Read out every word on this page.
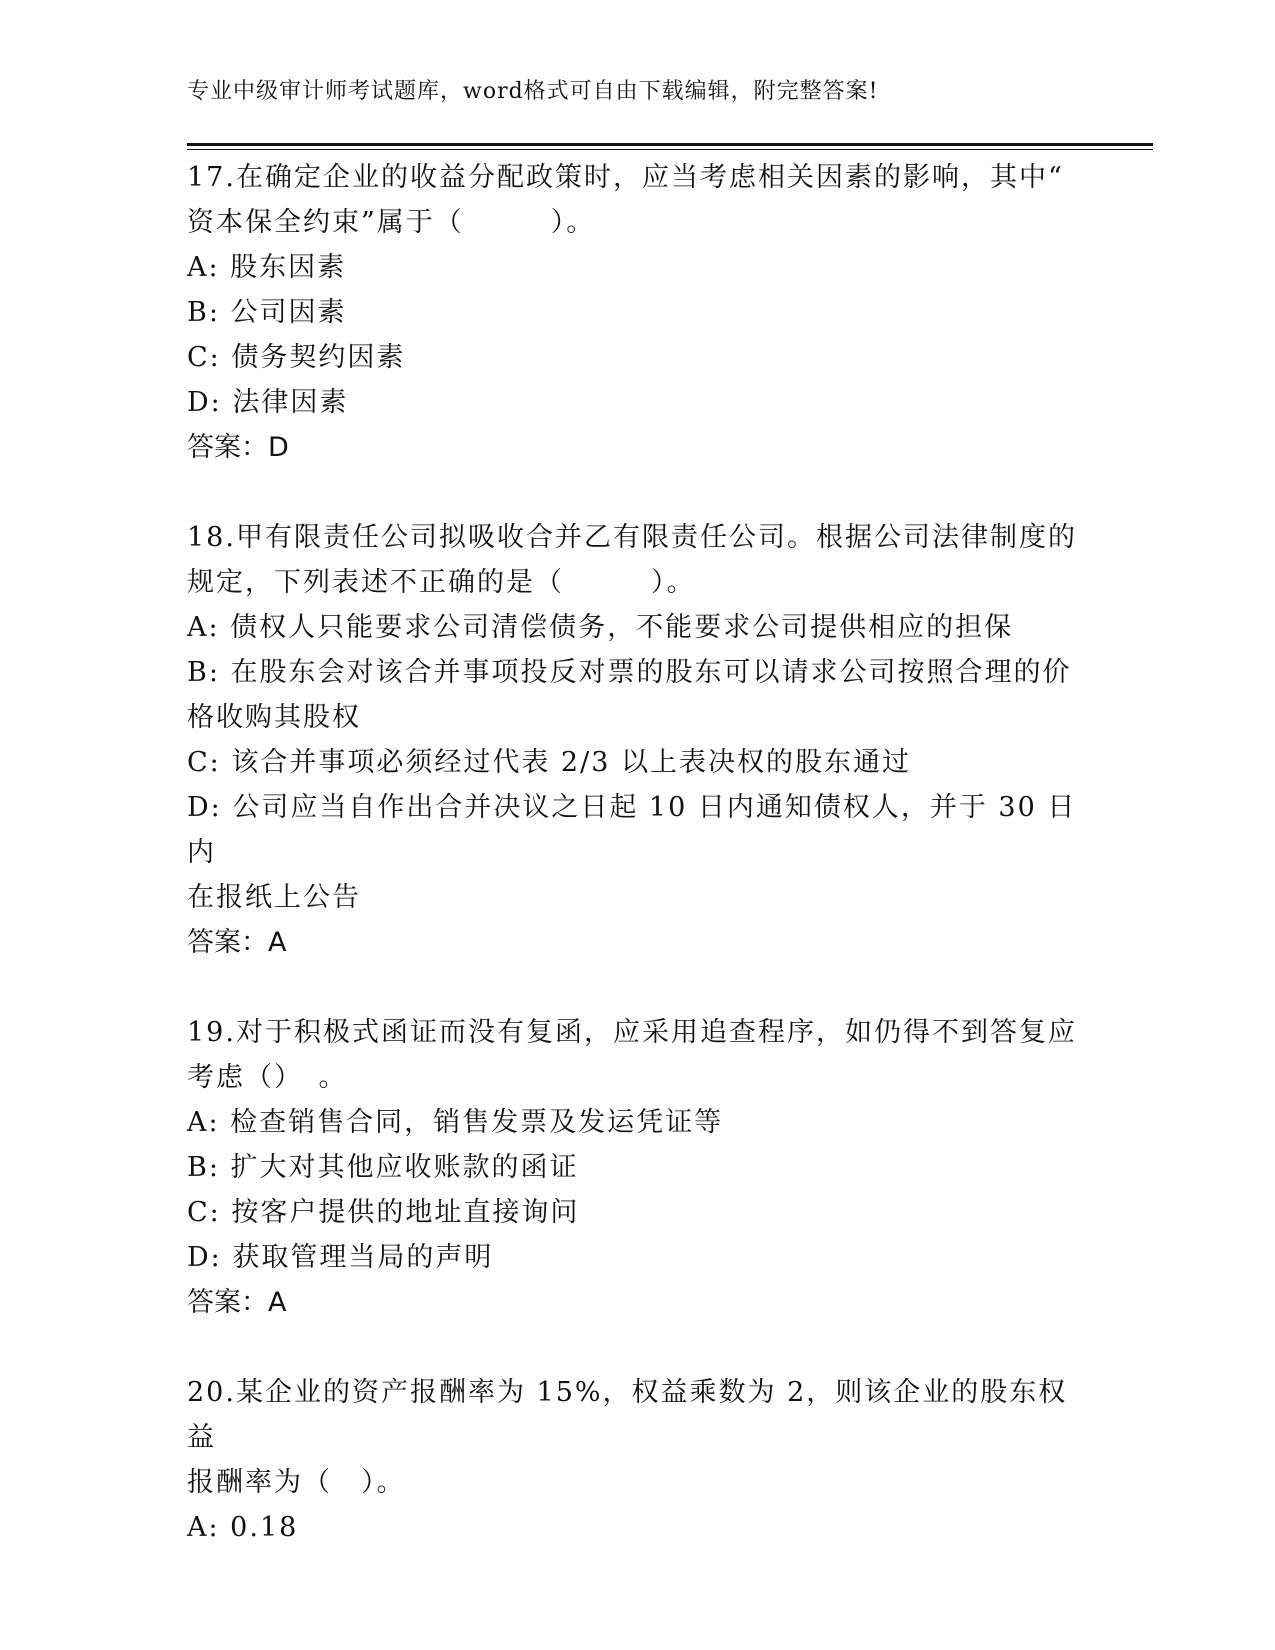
专业中级审计师考试题库，word格式可自由下载编辑，附完整答案!

17.在确定企业的收益分配政策时，应当考虑相关因素的影响，其中“

资本保全约束”属于（　　　）。

A: 股东因素

B: 公司因素

C: 债务契约因素

D: 法律因素

答案：D

18.甲有限责任公司拟吸收合并乙有限责任公司。根据公司法律制度的

规定，下列表述不正确的是（　　　）。

A: 债权人只能要求公司清偿债务，不能要求公司提供相应的担保

B: 在股东会对该合并事项投反对票的股东可以请求公司按照合理的价

格收购其股权

C: 该合并事项必须经过代表 2/3 以上表决权的股东通过

D: 公司应当自作出合并决议之日起 10 日内通知债权人，并于 30 日内

在报纸上公告

答案：A

19.对于积极式函证而没有复函，应采用追查程序，如仍得不到答复应

考虑（）　。

A: 检查销售合同，销售发票及发运凭证等

B: 扩大对其他应收账款的函证

C: 按客户提供的地址直接询问

D: 获取管理当局的声明

答案：A

20.某企业的资产报酬率为 15%，权益乘数为 2，则该企业的股东权益

报酬率为（　）。

A: 0.18
